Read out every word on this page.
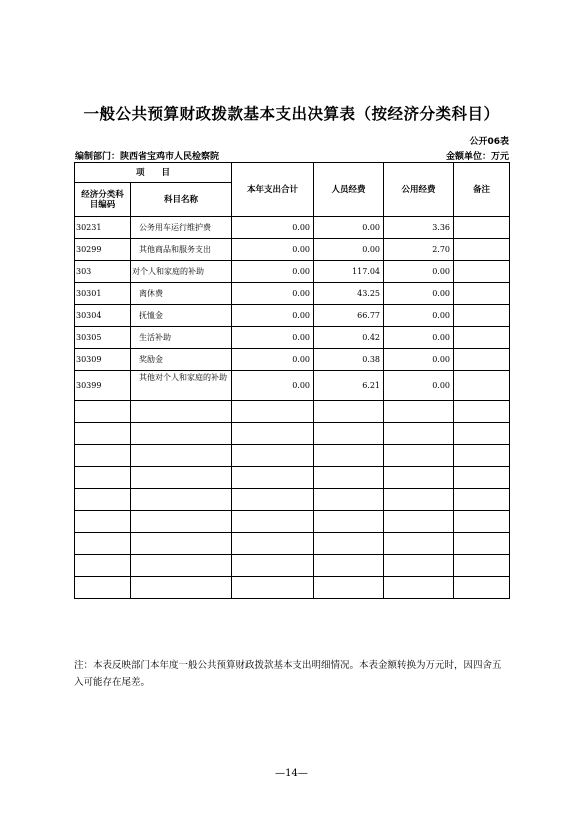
一般公共预算财政拨款基本支出决算表（按经济分类科目）
公开06表
编制部门：陕西省宝鸡市人民检察院	金额单位：万元
项　　目		本年支出合计	人员经费	公用经费	备注
经济分类科目编码	科目名称				
30231	公务用车运行维护费	0.00	0.00	3.36	
30299	其他商品和服务支出	0.00	0.00	2.70	
303	对个人和家庭的补助	0.00	117.04	0.00	
30301	离休费	0.00	43.25	0.00	
30304	抚恤金	0.00	66.77	0.00	
30305	生活补助	0.00	0.42	0.00	
30309	奖励金	0.00	0.38	0.00	
30399	其他对个人和家庭的补助	0.00	6.21	0.00	

注：本表反映部门本年度一般公共预算财政拨款基本支出明细情况。本表金额转换为万元时，因四舍五入可能存在尾差。
—14—
